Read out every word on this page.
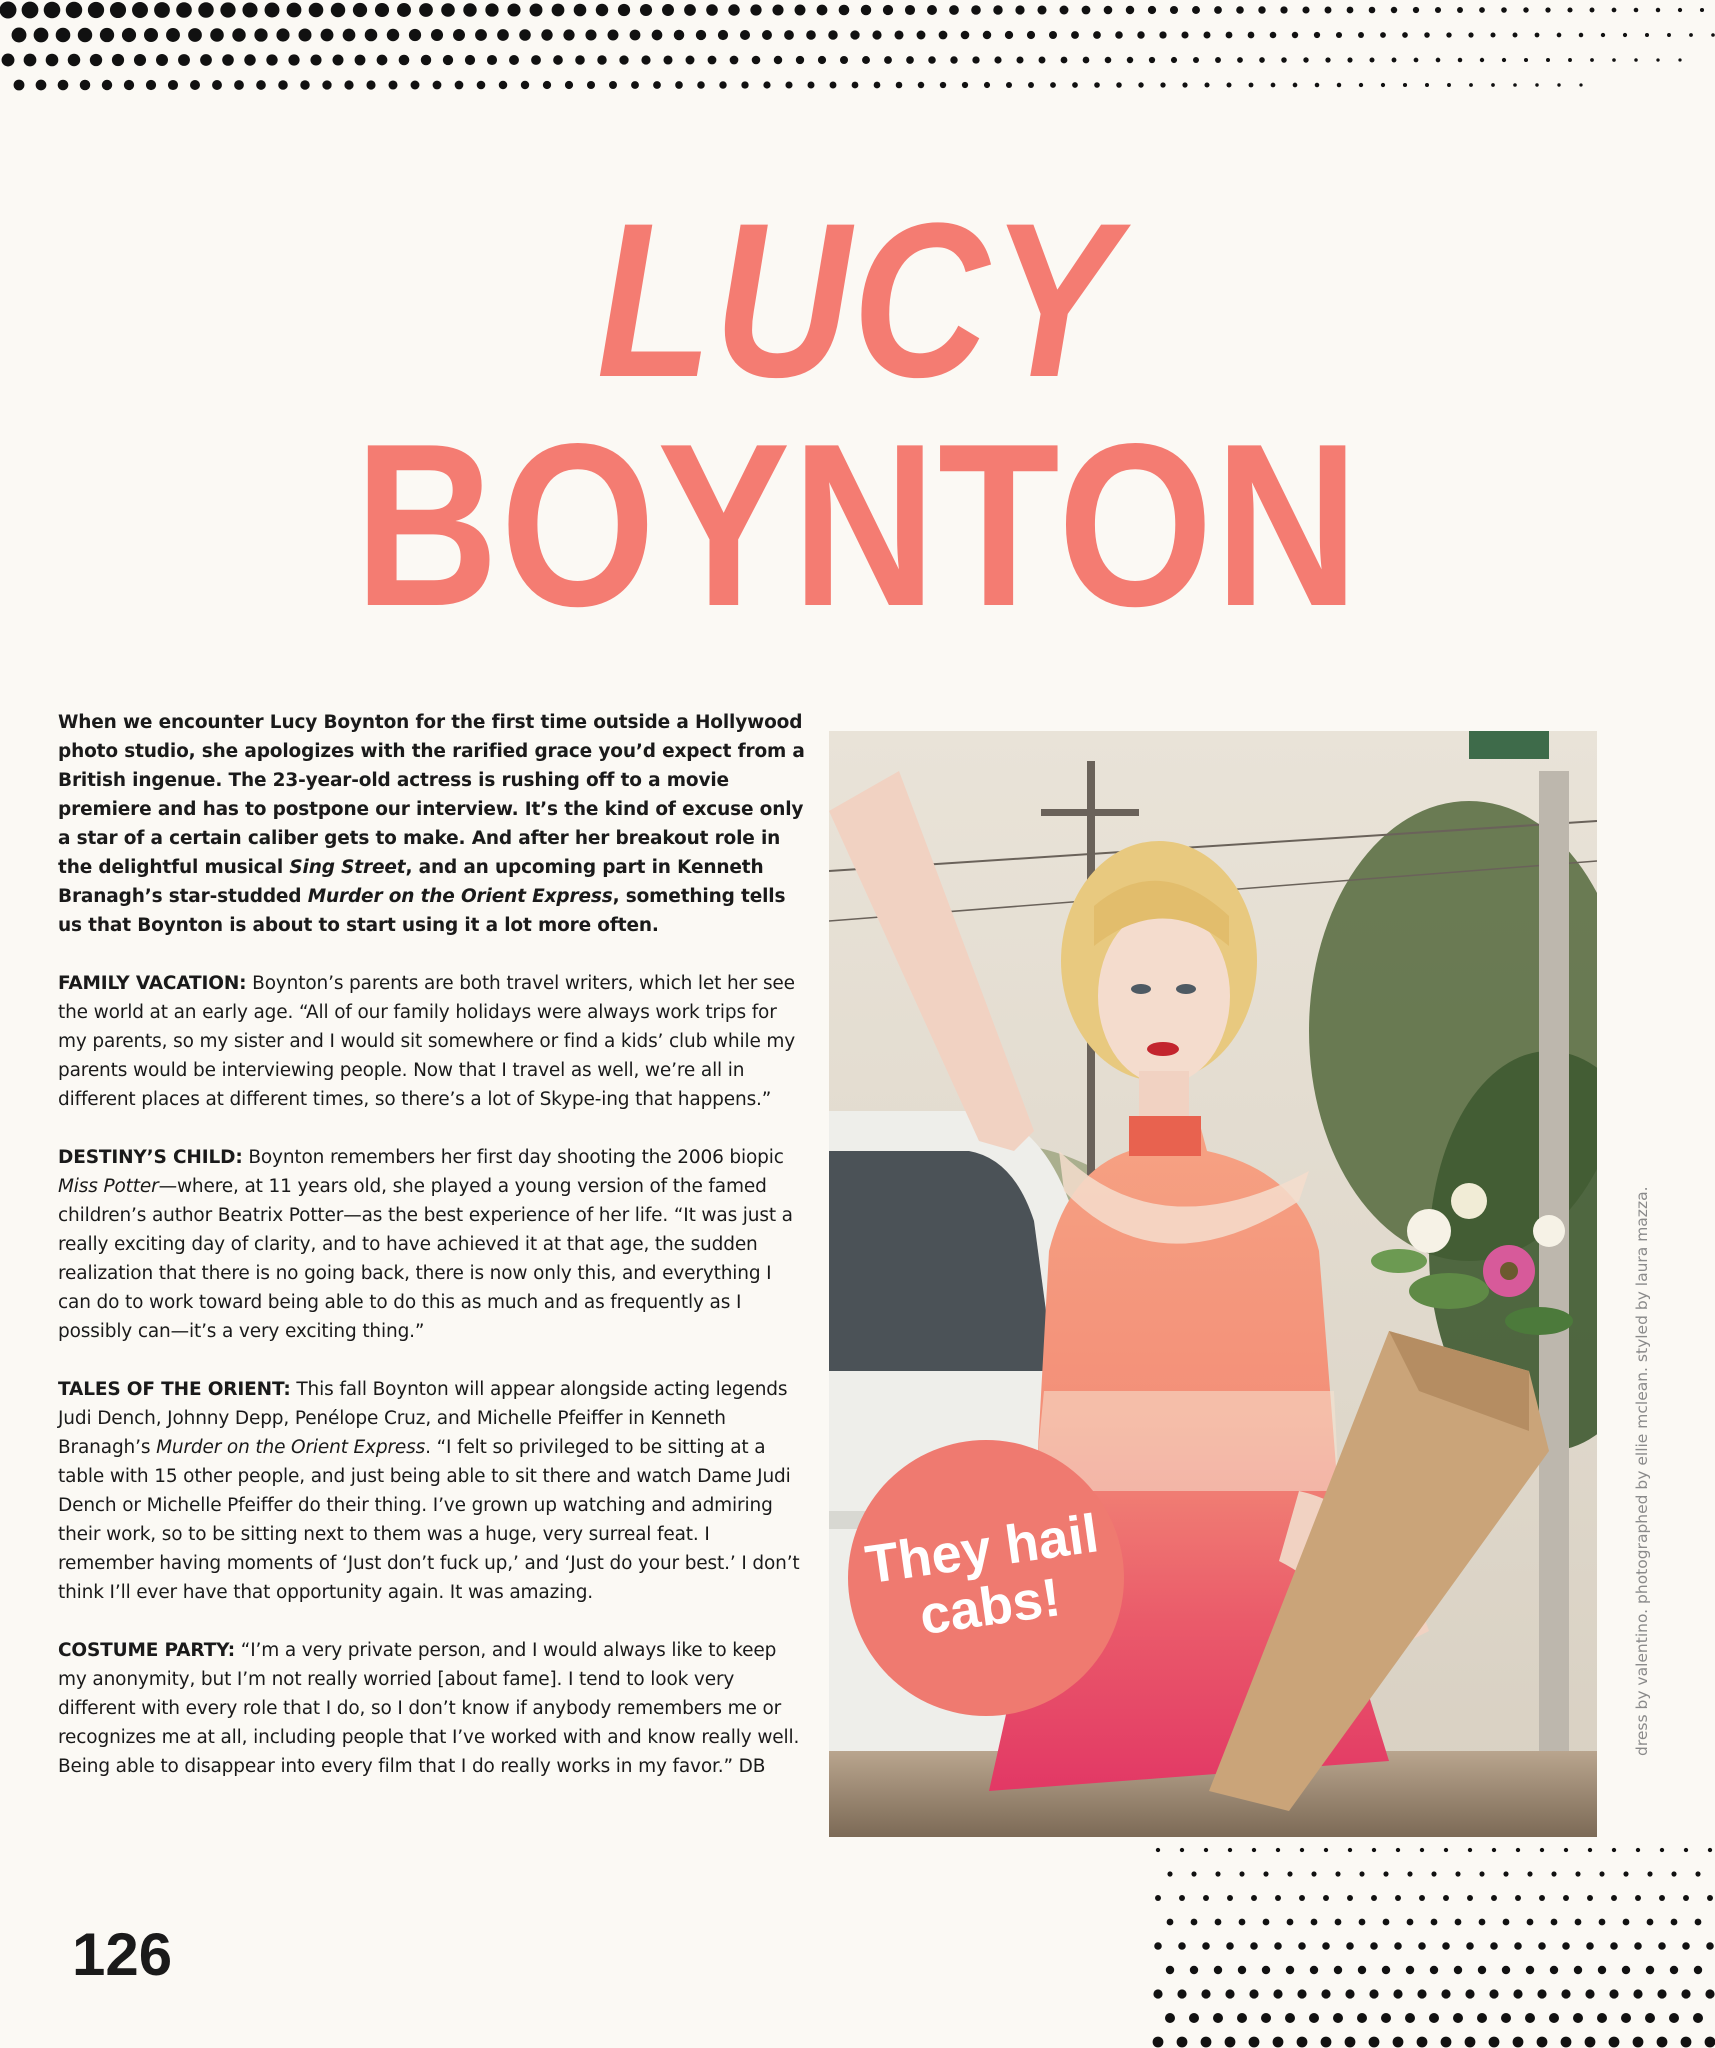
LUCY
BOYNTON

When we encounter Lucy Boynton for the first time outside a Hollywood photo studio, she apologizes with the rarified grace you’d expect from a British ingenue. The 23-year-old actress is rushing off to a movie premiere and has to postpone our interview. It’s the kind of excuse only a star of a certain caliber gets to make. And after her breakout role in the delightful musical Sing Street, and an upcoming part in Kenneth Branagh’s star-studded Murder on the Orient Express, something tells us that Boynton is about to start using it a lot more often.

FAMILY VACATION: Boynton’s parents are both travel writers, which let her see the world at an early age. “All of our family holidays were always work trips for my parents, so my sister and I would sit somewhere or find a kids’ club while my parents would be interviewing people. Now that I travel as well, we’re all in different places at different times, so there’s a lot of Skype-ing that happens.”

DESTINY’S CHILD: Boynton remembers her first day shooting the 2006 biopic Miss Potter—where, at 11 years old, she played a young version of the famed children’s author Beatrix Potter—as the best experience of her life. “It was just a really exciting day of clarity, and to have achieved it at that age, the sudden realization that there is no going back, there is now only this, and everything I can do to work toward being able to do this as much and as frequently as I possibly can—it’s a very exciting thing.”

TALES OF THE ORIENT: This fall Boynton will appear alongside acting legends Judi Dench, Johnny Depp, Penélope Cruz, and Michelle Pfeiffer in Kenneth Branagh’s Murder on the Orient Express. “I felt so privileged to be sitting at a table with 15 other people, and just being able to sit there and watch Dame Judi Dench or Michelle Pfeiffer do their thing. I’ve grown up watching and admiring their work, so to be sitting next to them was a huge, very surreal feat. I remember having moments of ‘Just don’t fuck up,’ and ‘Just do your best.’ I don’t think I’ll ever have that opportunity again. It was amazing.

COSTUME PARTY: “I’m a very private person, and I would always like to keep my anonymity, but I’m not really worried [about fame]. I tend to look very different with every role that I do, so I don’t know if anybody remembers me or recognizes me at all, including people that I’ve worked with and know really well. Being able to disappear into every film that I do really works in my favor.” DB

They hail
cabs!	dress by valentino. photographed by ellie mclean. styled by laura mazza.
126
